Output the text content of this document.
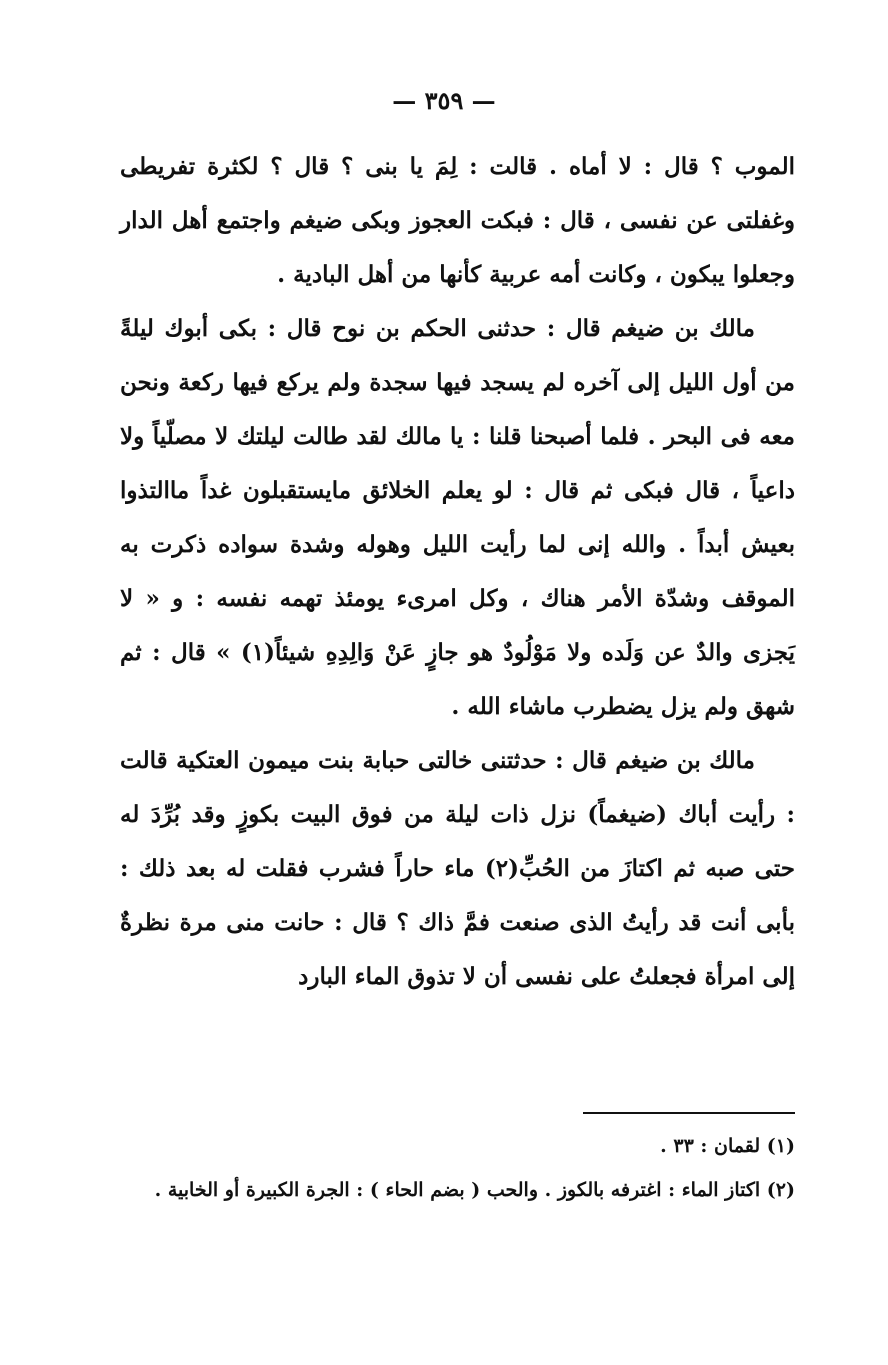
— ٣٥٩ —

الموب ؟ قال : لا أماه . قالت : لِمَ يا بنى ؟ قال ؟ لكثرة تفريطى وغفلتى عن نفسى ، قال : فبكت العجوز وبكى ضيغم واجتمع أهل الدار وجعلوا يبكون ، وكانت أمه عربية كأنها من أهل البادية .

مالك بن ضيغم قال : حدثنى الحكم بن نوح قال : بكى أبوك ليلةً من أول الليل إلى آخره لم يسجد فيها سجدة ولم يركع فيها ركعة ونحن معه فى البحر . فلما أصبحنا قلنا : يا مالك لقد طالت ليلتك لا مصلّياً ولا داعياً ، قال فبكى ثم قال : لو يعلم الخلائق مايستقبلون غداً ماالتذوا بعيش أبداً . والله إنى لما رأيت الليل وهوله وشدة سواده ذكرت به الموقف وشدّة الأمر هناك ، وكل امرىء يومئذ تهمه نفسه : و « لا يَجزى والدٌ عن وَلَده ولا مَوْلُودٌ هو جازٍ عَنْ وَالِدِهِ شيئاً(١) » قال : ثم شهق ولم يزل يضطرب ماشاء الله .

مالك بن ضيغم قال : حدثتنى خالتى حبابة بنت ميمون العتكية قالت : رأيت أباك (ضيغماً) نزل ذات ليلة من فوق البيت بكوزٍ وقد بُرِّدَ له حتى صبه ثم اكتازَ من الحُبِّ(٢) ماء حاراً فشرب فقلت له بعد ذلك : بأبى أنت قد رأيتُ الذى صنعت فمَّ ذاك ؟ قال : حانت منى مرة نظرةٌ إلى امرأة فجعلتُ على نفسى أن لا تذوق الماء البارد

(١) لقمان : ٣٣ .

(٢) اكتاز الماء : اغترفه بالكوز . والحب ( بضم الحاء ) : الجرة الكبيرة أو الخابية .
